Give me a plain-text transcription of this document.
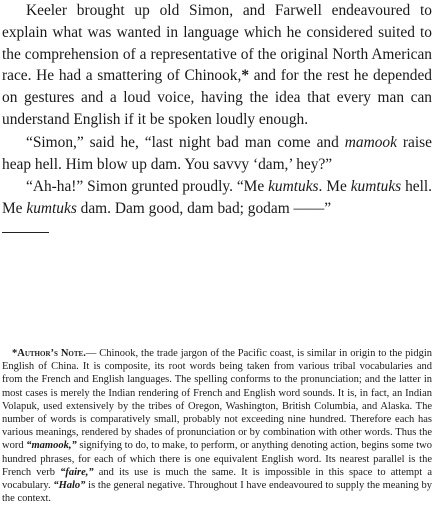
Keeler brought up old Simon, and Farwell endeavoured to explain what was wanted in language which he considered suited to the comprehension of a representative of the original North American race. He had a smattering of Chinook,* and for the rest he depended on gestures and a loud voice, having the idea that every man can understand English if it be spoken loudly enough.

“Simon,” said he, “last night bad man come and mamook raise heap hell. Him blow up dam. You savvy ‘dam,’ hey?”

“Ah-ha!” Simon grunted proudly. “Me kumtuks. Me kumtuks hell. Me kumtuks dam. Dam good, dam bad; godam ——”

*Author’s Note.— Chinook, the trade jargon of the Pacific coast, is similar in origin to the pidgin English of China. It is composite, its root words being taken from various tribal vocabularies and from the French and English languages. The spelling conforms to the pronunciation; and the latter in most cases is merely the Indian rendering of French and English word sounds. It is, in fact, an Indian Volapuk, used extensively by the tribes of Oregon, Washington, British Columbia, and Alaska. The number of words is comparatively small, probably not exceeding nine hundred. Therefore each has various meanings, rendered by shades of pronunciation or by combination with other words. Thus the word “mamook,” signifying to do, to make, to perform, or anything denoting action, begins some two hundred phrases, for each of which there is one equivalent English word. Its nearest parallel is the French verb “faire,” and its use is much the same. It is impossible in this space to attempt a vocabulary. “Halo” is the general negative. Throughout I have endeavoured to supply the meaning by the context.
